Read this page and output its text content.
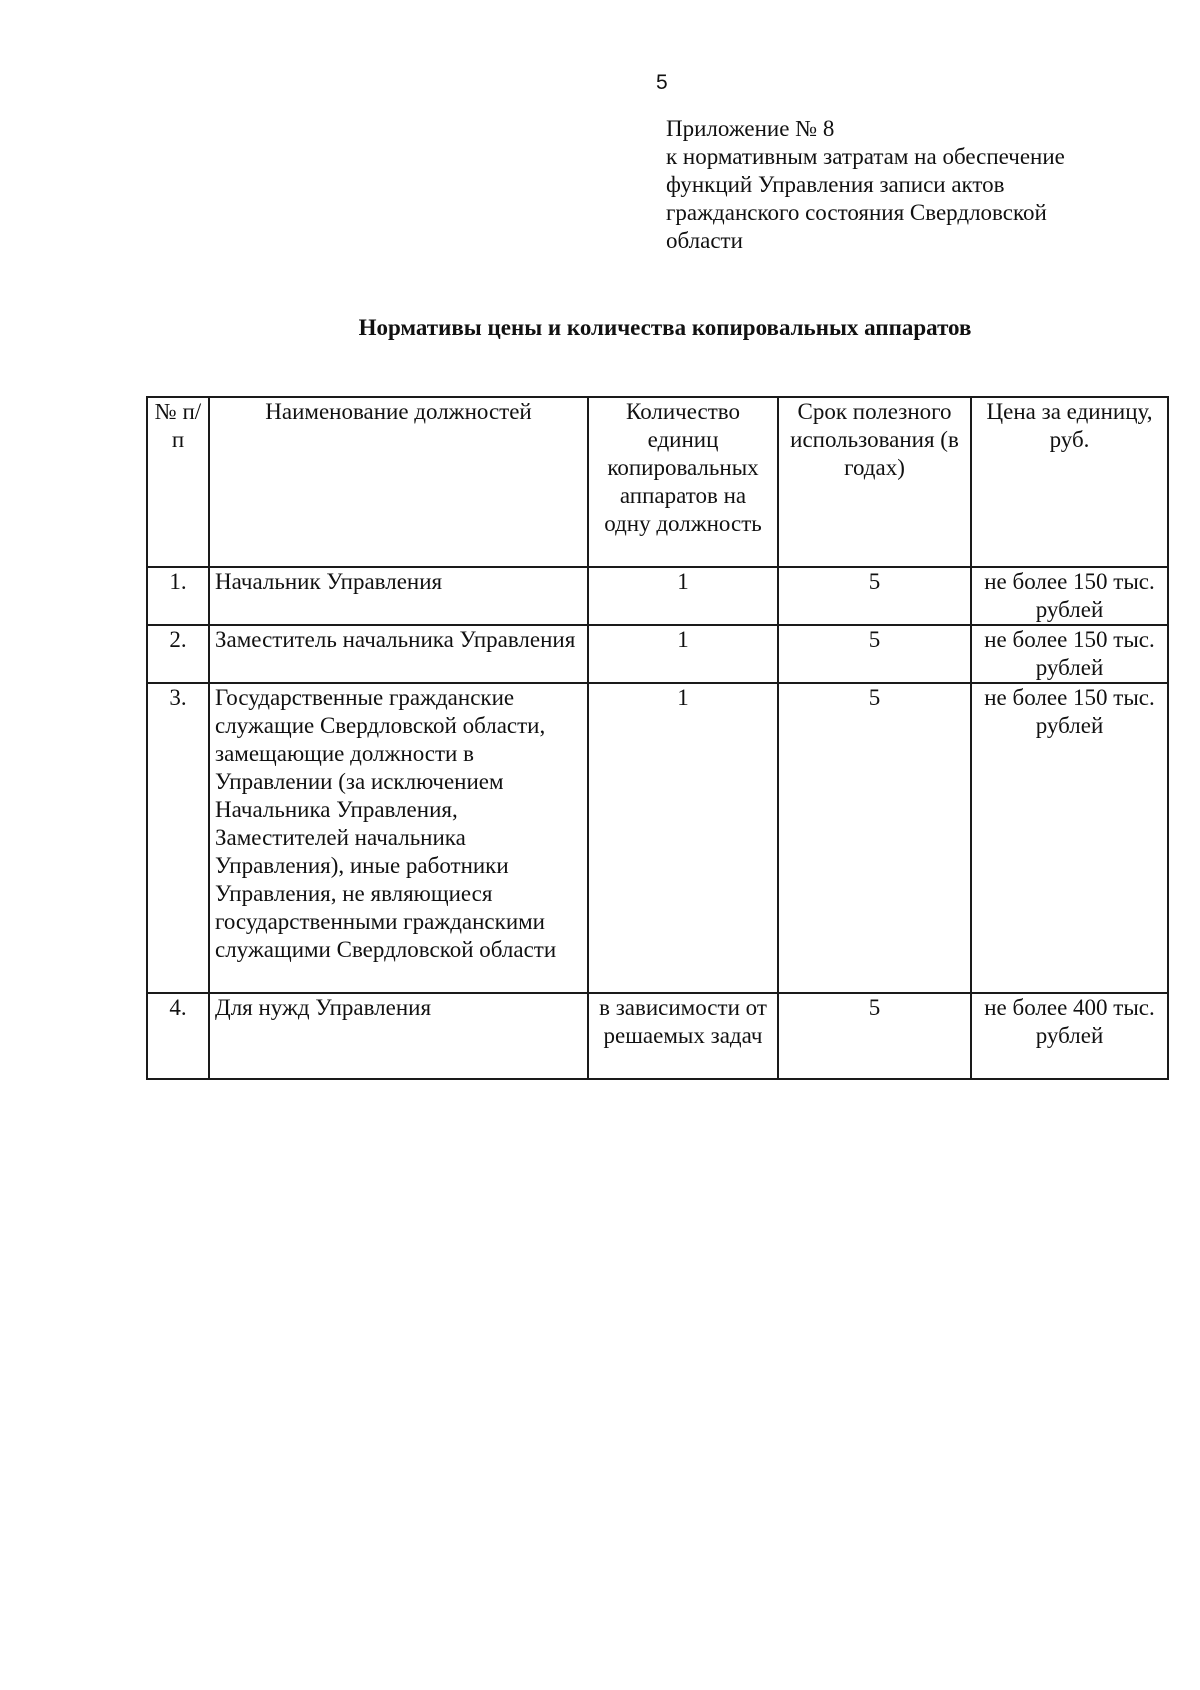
5
Приложение № 8
к нормативным затратам на обеспечение
функций Управления записи актов
гражданского состояния Свердловской
области
Нормативы цены и количества копировальных аппаратов
№ п/п	Наименование должностей	Количество единиц копировальных аппаратов на одну должность	Срок полезного использования (в годах)	Цена за единицу, руб.
1.	Начальник Управления	1	5	не более 150 тыс. рублей
2.	Заместитель начальника Управления	1	5	не более 150 тыс. рублей
3.	Государственные гражданские служащие Свердловской области, замещающие должности в Управлении (за исключением Начальника Управления, Заместителей начальника Управления), иные работники Управления, не являющиеся государственными гражданскими служащими Свердловской области	1	5	не более 150 тыс. рублей
4.	Для нужд Управления	в зависимости от решаемых задач	5	не более 400 тыс. рублей
